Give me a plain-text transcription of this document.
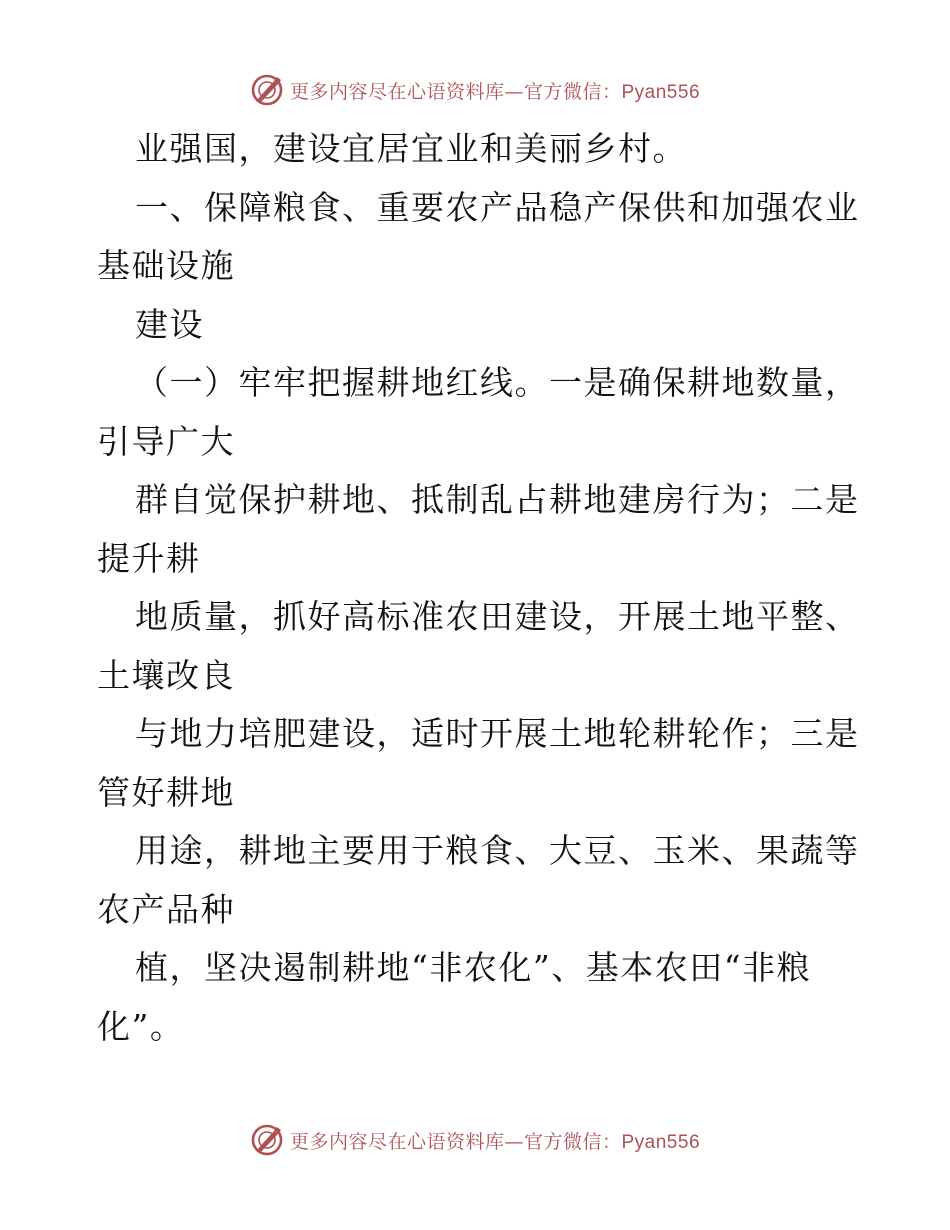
更多内容尽在心语资料库—官方微信：Pyan556
业强国，建设宜居宜业和美丽乡村。
一、保障粮食、重要农产品稳产保供和加强农业
基础设施
建设
（一）牢牢把握耕地红线。一是确保耕地数量，
引导广大
群自觉保护耕地、抵制乱占耕地建房行为；二是
提升耕
地质量，抓好高标准农田建设，开展土地平整、
土壤改良
与地力培肥建设，适时开展土地轮耕轮作；三是
管好耕地
用途，耕地主要用于粮食、大豆、玉米、果蔬等
农产品种
植，坚决遏制耕地“非农化”、基本农田“非粮
化”。
更多内容尽在心语资料库—官方微信：Pyan556
